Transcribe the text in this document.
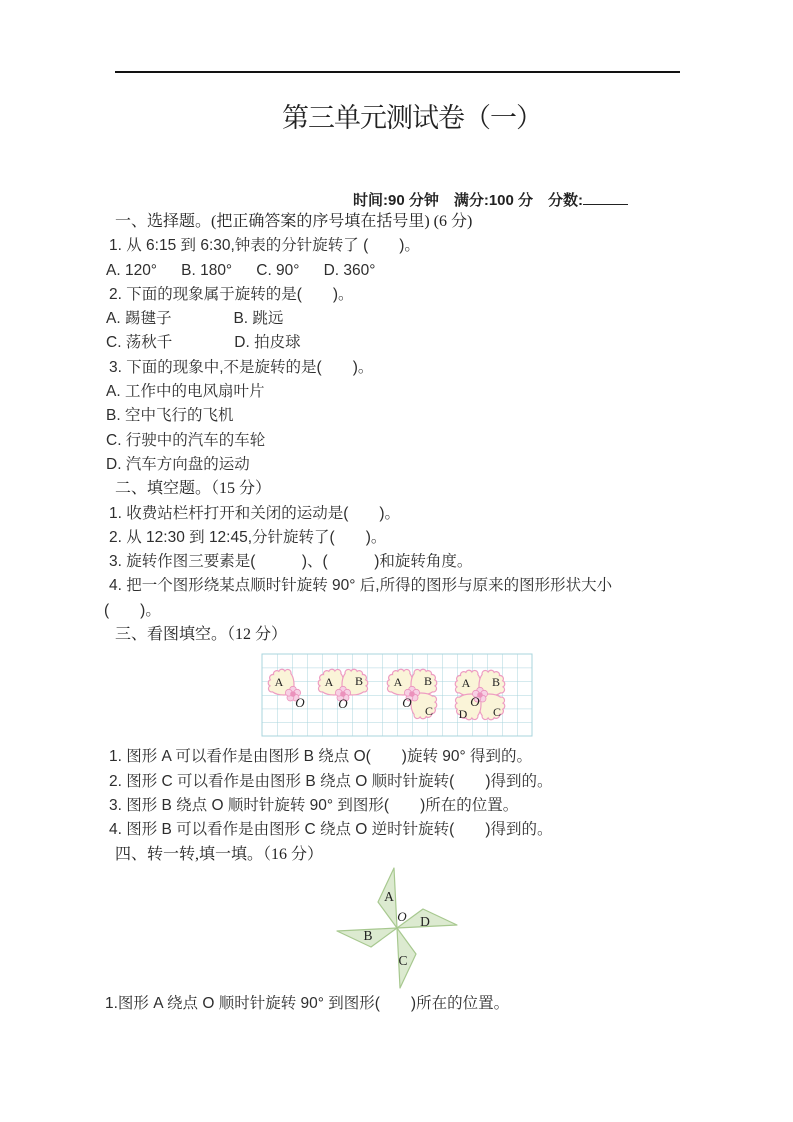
第三单元测试卷（一）
时间:90 分钟　满分:100 分　分数:
一、选择题。(把正确答案的序号填在括号里) (6 分)
1. 从 6:15 到 6:30,钟表的分针旋转了 (　　)。
A. 120°　  B. 180°　  C. 90°　  D. 360°
2. 下面的现象属于旋转的是(　　)。
A. 踢毽子　　　　B. 跳远
C. 荡秋千　　　　D. 拍皮球
3. 下面的现象中,不是旋转的是(　　)。
A. 工作中的电风扇叶片
B. 空中飞行的飞机
C. 行驶中的汽车的车轮
D. 汽车方向盘的运动
二、填空题。（15 分）
1. 收费站栏杆打开和关闭的运动是(　　)。
2. 从 12:30 到 12:45,分针旋转了(　　)。
3. 旋转作图三要素是(　　　)、(　　　)和旋转角度。
4. 把一个图形绕某点顺时针旋转 90° 后,所得的图形与原来的图形形状大小
(　　)。
三、看图填空。（12 分）
A
O
A B
O
A B
C
O
A B
C
D
O
1. 图形 A 可以看作是由图形 B 绕点 O(　　)旋转 90° 得到的。
2. 图形 C 可以看作是由图形 B 绕点 O 顺时针旋转(　　)得到的。
3. 图形 B 绕点 O 顺时针旋转 90° 到图形(　　)所在的位置。
4. 图形 B 可以看作是由图形 C 绕点 O 逆时针旋转(　　)得到的。
四、转一转,填一填。（16 分）
A
B
C
D
O
1.图形 A 绕点 O 顺时针旋转 90° 到图形(　　)所在的位置。
